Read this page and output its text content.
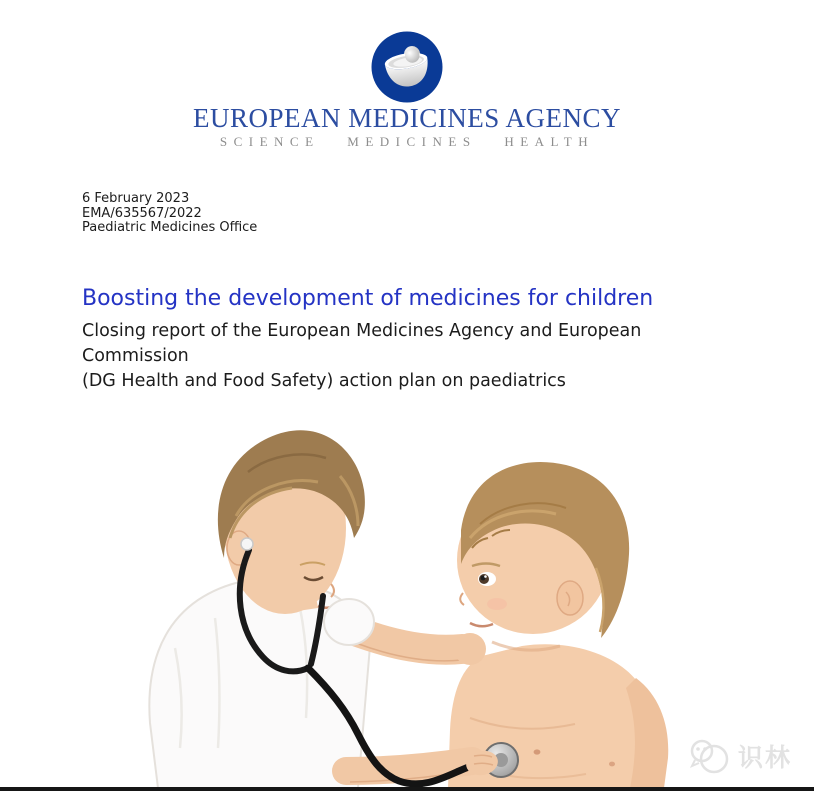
EUROPEAN MEDICINES AGENCY
SCIENCE MEDICINES HEALTH
6 February 2023
EMA/635567/2022
Paediatric Medicines Office
Boosting the development of medicines for children
Closing report of the European Medicines Agency and European Commission
(DG Health and Food Safety) action plan on paediatrics
识林
